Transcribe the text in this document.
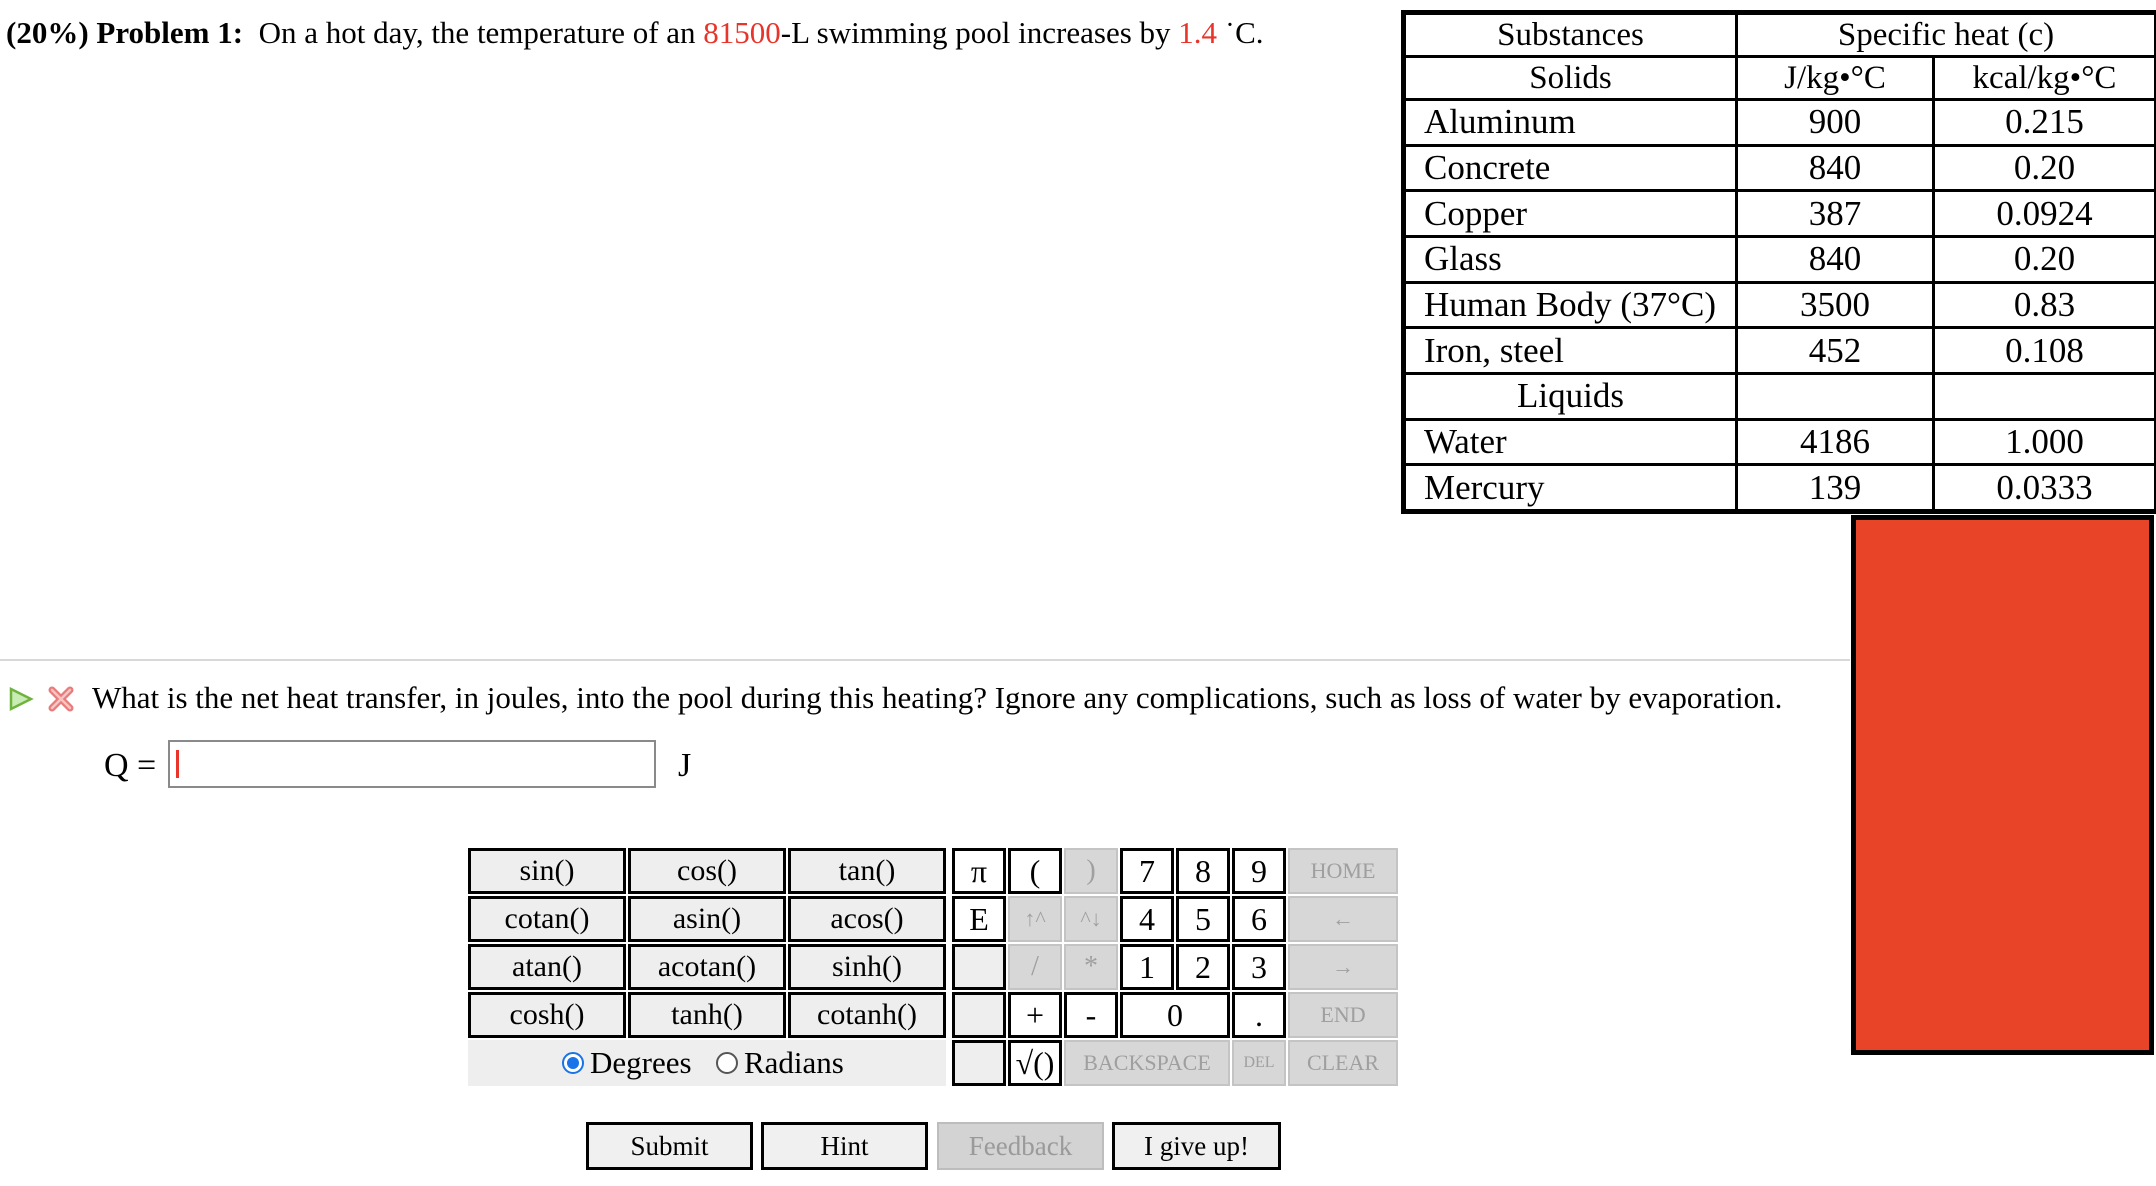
(20%) Problem 1: On a hot day, the temperature of an 81500-L swimming pool increases by 1.4 ˙C.	Substances	Specific heat (c)	
Solids	J/kg•°C	kcal/kg•°C
Aluminum	900	0.215
Concrete	840	0.20
Copper	387	0.0924
Glass	840	0.20
Human Body (37°C)	3500	0.83
Iron, steel	452	0.108
Liquids		
Water	4186	1.000
Mercury	139	0.0333
What is the net heat transfer, in joules, into the pool during this heating? Ignore any complications, such as loss of water by evaporation.
Q =	J
sin()	cos()	tan()
cotan()	asin()	acos()
atan()	acotan()	sinh()
cosh()	tanh()	cotanh()
Degrees Radians
π	(	)
E	↑^	^↓
/	*
+	-
√()
7	8	9
4	5	6
1	2	3
0	.
BACKSPACE	DEL
HOME
←
→
END
CLEAR
Submit	Hint	Feedback	I give up!
